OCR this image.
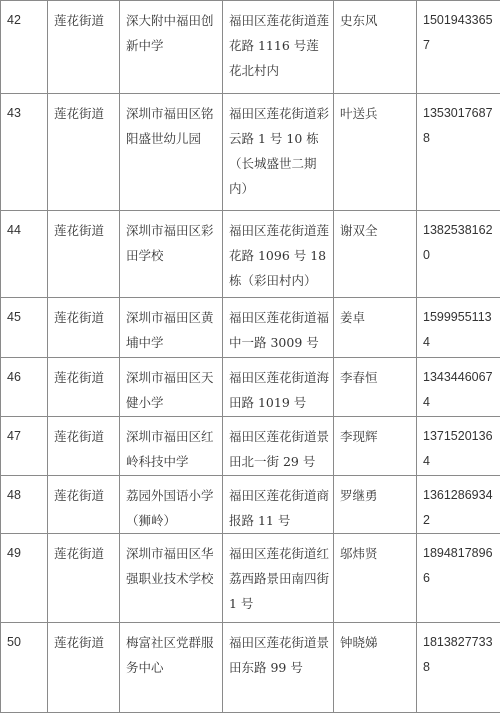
42	莲花街道	深大附中福田创新中学	福田区莲花街道莲花路 1116 号莲花北村内	史东风	15019433657
43	莲花街道	深圳市福田区铭阳盛世幼儿园	福田区莲花街道彩云路 1 号 10 栋（长城盛世二期内）	叶送兵	13530176878
44	莲花街道	深圳市福田区彩田学校	福田区莲花街道莲花路 1096 号 18 栋（彩田村内）	谢双全	13825381620
45	莲花街道	深圳市福田区黄埔中学	福田区莲花街道福中一路 3009 号	姜卓	15999551134
46	莲花街道	深圳市福田区天健小学	福田区莲花街道海田路 1019 号	李春恒	13434460674
47	莲花街道	深圳市福田区红岭科技中学	福田区莲花街道景田北一街 29 号	李现辉	13715201364
48	莲花街道	荔园外国语小学（狮岭）	福田区莲花街道商报路 11 号	罗继勇	13612869342
49	莲花街道	深圳市福田区华强职业技术学校	福田区莲花街道红荔西路景田南四街 1 号	邬炜贤	18948178966
50	莲花街道	梅富社区党群服务中心	福田区莲花街道景田东路 99 号	钟晓娣	18138277338
